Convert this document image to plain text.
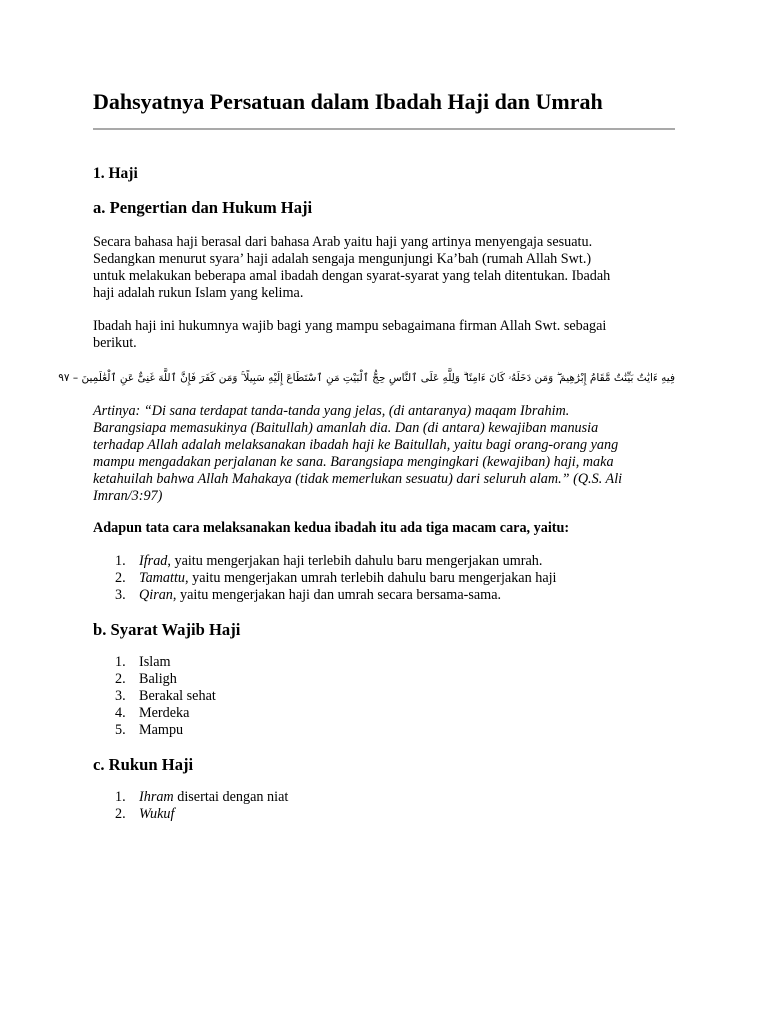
Dahsyatnya Persatuan dalam Ibadah Haji dan Umrah
1. Haji
a. Pengertian dan Hukum Haji

Secara bahasa haji berasal dari bahasa Arab yaitu haji yang artinya menyengaja sesuatu.
Sedangkan menurut syara’ haji adalah sengaja mengunjungi Ka’bah (rumah Allah Swt.)
untuk melakukan beberapa amal ibadah dengan syarat-syarat yang telah ditentukan. Ibadah
haji adalah rukun Islam yang kelima.

Ibadah haji ini hukumnya wajib bagi yang mampu sebagaimana firman Allah Swt. sebagai
berikut.

فِيهِ ءَايَٰتٌ بَيِّنَٰتٌ مَّقَامُ إِبْرَٰهِيمَ ۖ وَمَن دَخَلَهُۥ كَانَ ءَامِنًا ۗ وَلِلَّهِ عَلَى ٱلنَّاسِ حِجُّ ٱلْبَيْتِ مَنِ ٱسْتَطَاعَ إِلَيْهِ سَبِيلًا ۚ وَمَن كَفَرَ فَإِنَّ ٱللَّهَ غَنِىٌّ عَنِ ٱلْعَٰلَمِينَ – ٩٧

Artinya: “Di sana terdapat tanda-tanda yang jelas, (di antaranya) maqam Ibrahim.
Barangsiapa memasukinya (Baitullah) amanlah dia. Dan (di antara) kewajiban manusia
terhadap Allah adalah melaksanakan ibadah haji ke Baitullah, yaitu bagi orang-orang yang
mampu mengadakan perjalanan ke sana. Barangsiapa mengingkari (kewajiban) haji, maka
ketahuilah bahwa Allah Mahakaya (tidak memerlukan sesuatu) dari seluruh alam.” (Q.S. Ali
Imran/3:97)

Adapun tata cara melaksanakan kedua ibadah itu ada tiga macam cara, yaitu:

1. Ifrad, yaitu mengerjakan haji terlebih dahulu baru mengerjakan umrah.
2. Tamattu, yaitu mengerjakan umrah terlebih dahulu baru mengerjakan haji
3. Qiran, yaitu mengerjakan haji dan umrah secara bersama-sama.
b. Syarat Wajib Haji
1. Islam
2. Baligh
3. Berakal sehat
4. Merdeka
5. Mampu
c. Rukun Haji
1. Ihram disertai dengan niat
2. Wukuf
